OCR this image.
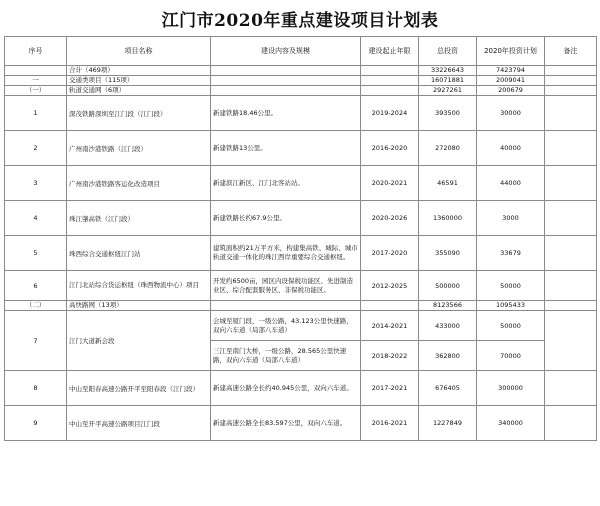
江门市2020年重点建设项目计划表
序号	项目名称	建设内容及规模	建设起止年限	总投资	2020年投资计划	备注
	合计（469项）			33226643	7423794	
一	交通类项目（115项）			16071881	2009041	
（一）	轨道交通网（6项）			2927261	200679	
1	深茂铁路深圳至江门段（江门段）	新建铁路18.46公里。	2019-2024	393500	30000	
2	广州南沙港铁路（江门段）	新建铁路13公里。	2016-2020	272080	40000	
3	广州南沙港铁路客运化改造项目	新建滨江新区、江门北客站站。	2020-2021	46591	44000	
4	珠江肇高铁（江门段）	新建铁路长约67.9公里。	2020-2026	1360000	3000	
5	珠西综合交通枢纽江门站	建筑面积约21万平方米，构建集高铁、城际、城市轨道交通一体化的珠江西岸重要综合交通枢纽。	2017-2020	355090	33679	
6	江门北站综合货运枢纽（珠西物流中心）项目	开发约6500亩，园区内设保税功能区、先进制造业区、综合配套服务区、非保税功能区。	2012-2025	500000	50000	
（二）	高快路网（13项）			8123566	1095433	
7	江门大道新会段	会城至厦门段，一级公路，43.123公里快速路，双向六车道（局部八车道）	2014-2021	433000	50000	
		三江至南门大桥，一级公路，28.565公里快速路，双向六车道（局部八车道）	2018-2022	362800	70000	
8	中山至阳春高速公路开平至阳春段（江门段）	新建高速公路全长约40.945公里，双向六车道。	2017-2021	676405	300000	
9	中山至开平高速公路项目江门段	新建高速公路全长83.597公里，双向六车道。	2016-2021	1227849	340000	
